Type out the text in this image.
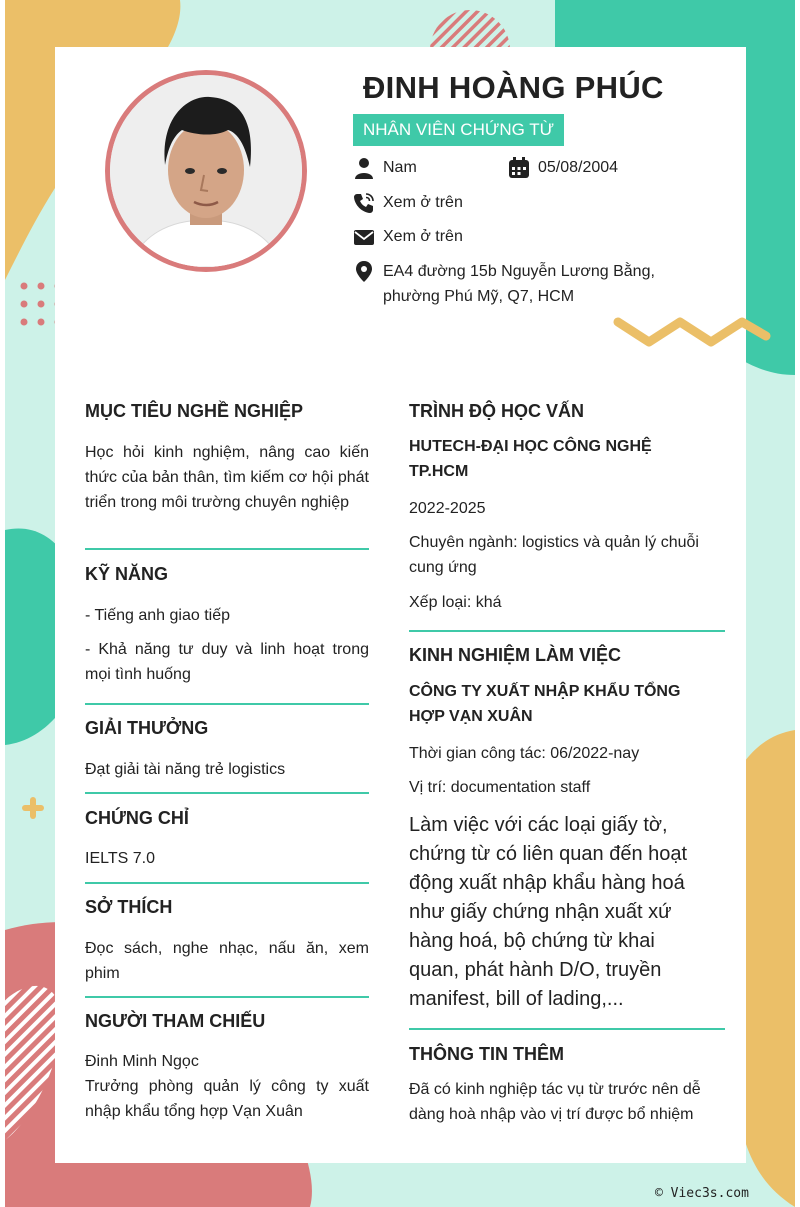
ĐINH HOÀNG PHÚC
NHÂN VIÊN CHỨNG TỪ
Nam	05/08/2004
Xem ở trên
Xem ở trên
EA4 đường 15b Nguyễn Lương Bằng,
phường Phú Mỹ, Q7, HCM
MỤC TIÊU NGHỀ NGHIỆP
Học hỏi kinh nghiệm, nâng cao kiến thức của bản thân, tìm kiếm cơ hội phát triển trong môi trường chuyên nghiệp
KỸ NĂNG
- Tiếng anh giao tiếp
- Khả năng tư duy và linh hoạt trong mọi tình huống
GIẢI THƯỞNG
Đạt giải tài năng trẻ logistics
CHỨNG CHỈ
IELTS 7.0
SỞ THÍCH
Đọc sách, nghe nhạc, nấu ăn, xem phim
NGƯỜI THAM CHIẾU
Đinh Minh Ngọc
Trưởng phòng quản lý công ty xuất nhập khẩu tổng hợp Vạn Xuân
TRÌNH ĐỘ HỌC VẤN
HUTECH-ĐẠI HỌC CÔNG NGHỆ TP.HCM
2022-2025
Chuyên ngành: logistics và quản lý chuỗi cung ứng
Xếp loại: khá
KINH NGHIỆM LÀM VIỆC
CÔNG TY XUẤT NHẬP KHẨU TỔNG HỢP VẠN XUÂN
Thời gian công tác: 06/2022-nay
Vị trí: documentation staff
Làm việc với các loại giấy tờ, chứng từ có liên quan đến hoạt động xuất nhập khẩu hàng hoá như giấy chứng nhận xuất xứ hàng hoá, bộ chứng từ khai quan, phát hành D/O, truyền manifest, bill of lading,...
THÔNG TIN THÊM
Đã có kinh nghiệp tác vụ từ trước nên dễ dàng hoà nhập vào vị trí được bổ nhiệm
© Viec3s.com
